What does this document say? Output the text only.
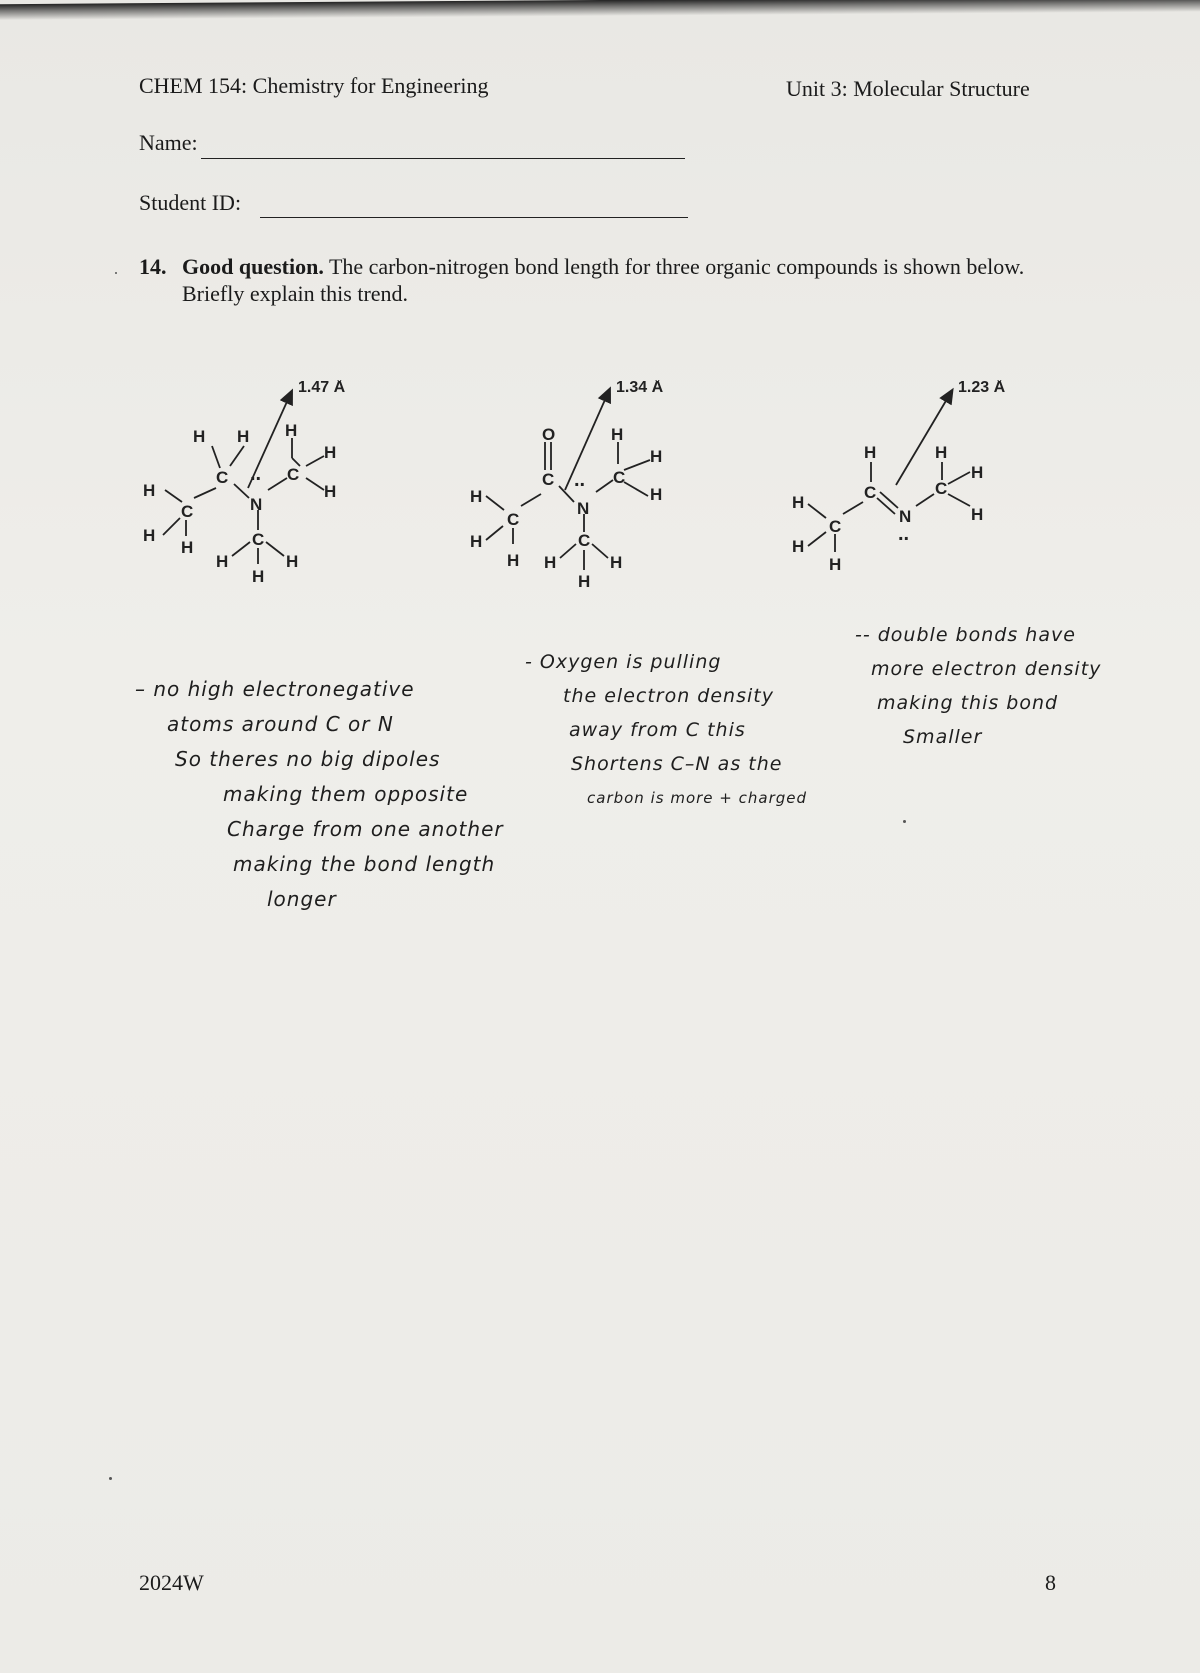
CHEM 154: Chemistry for Engineering	Unit 3: Molecular Structure
Name:
Student ID:
14. Good question. The carbon-nitrogen bond length for three organic compounds is shown below. Briefly explain this trend.
1.47 Å
H
H
C
H
H H
C
N
..
H
C
H
H
C
H	H
H
1.34 Å
H
H
C
H
O
C ..
N
H
C
H
H
C
H	H
H
1.23 Å
H
H
C
H
H
C
N
..
H
C
H
H
– no high electronegative
atoms around C or N
So theres no big dipoles
making them opposite
Charge from one another
making the bond length
longer
- Oxygen is pulling
the electron density
away from C this
Shortens C–N as the
carbon is more + charged
-- double bonds have
more electron density
making this bond
Smaller
2024W	8
